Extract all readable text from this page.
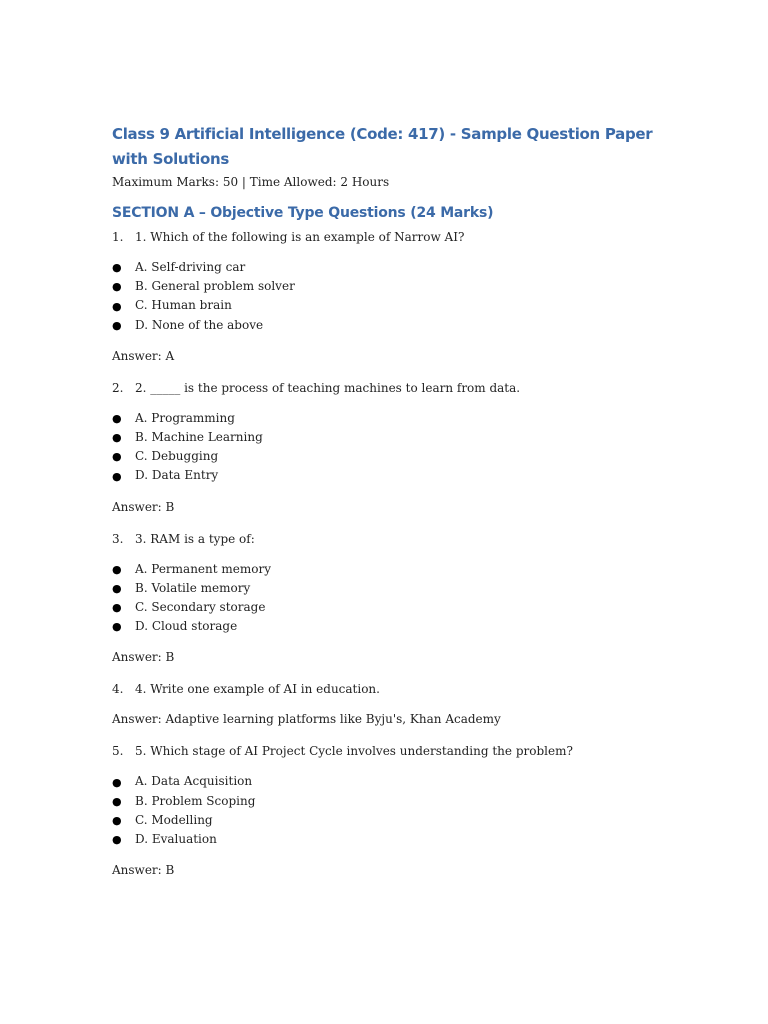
Class 9 Artificial Intelligence (Code: 417) - Sample Question Paper with Solutions

Maximum Marks: 50 | Time Allowed: 2 Hours

SECTION A – Objective Type Questions (24 Marks)
1. 1. Which of the following is an example of Narrow AI?
●	A. Self-driving car
●	B. General problem solver
●	C. Human brain
●	D. None of the above

Answer: A

2. 2. _____ is the process of teaching machines to learn from data.
●	A. Programming
●	B. Machine Learning
●	C. Debugging
●	D. Data Entry

Answer: B

3. 3. RAM is a type of:
●	A. Permanent memory
●	B. Volatile memory
●	C. Secondary storage
●	D. Cloud storage

Answer: B

4. 4. Write one example of AI in education.

Answer: Adaptive learning platforms like Byju's, Khan Academy

5. 5. Which stage of AI Project Cycle involves understanding the problem?
●	A. Data Acquisition
●	B. Problem Scoping
●	C. Modelling
●	D. Evaluation

Answer: B
